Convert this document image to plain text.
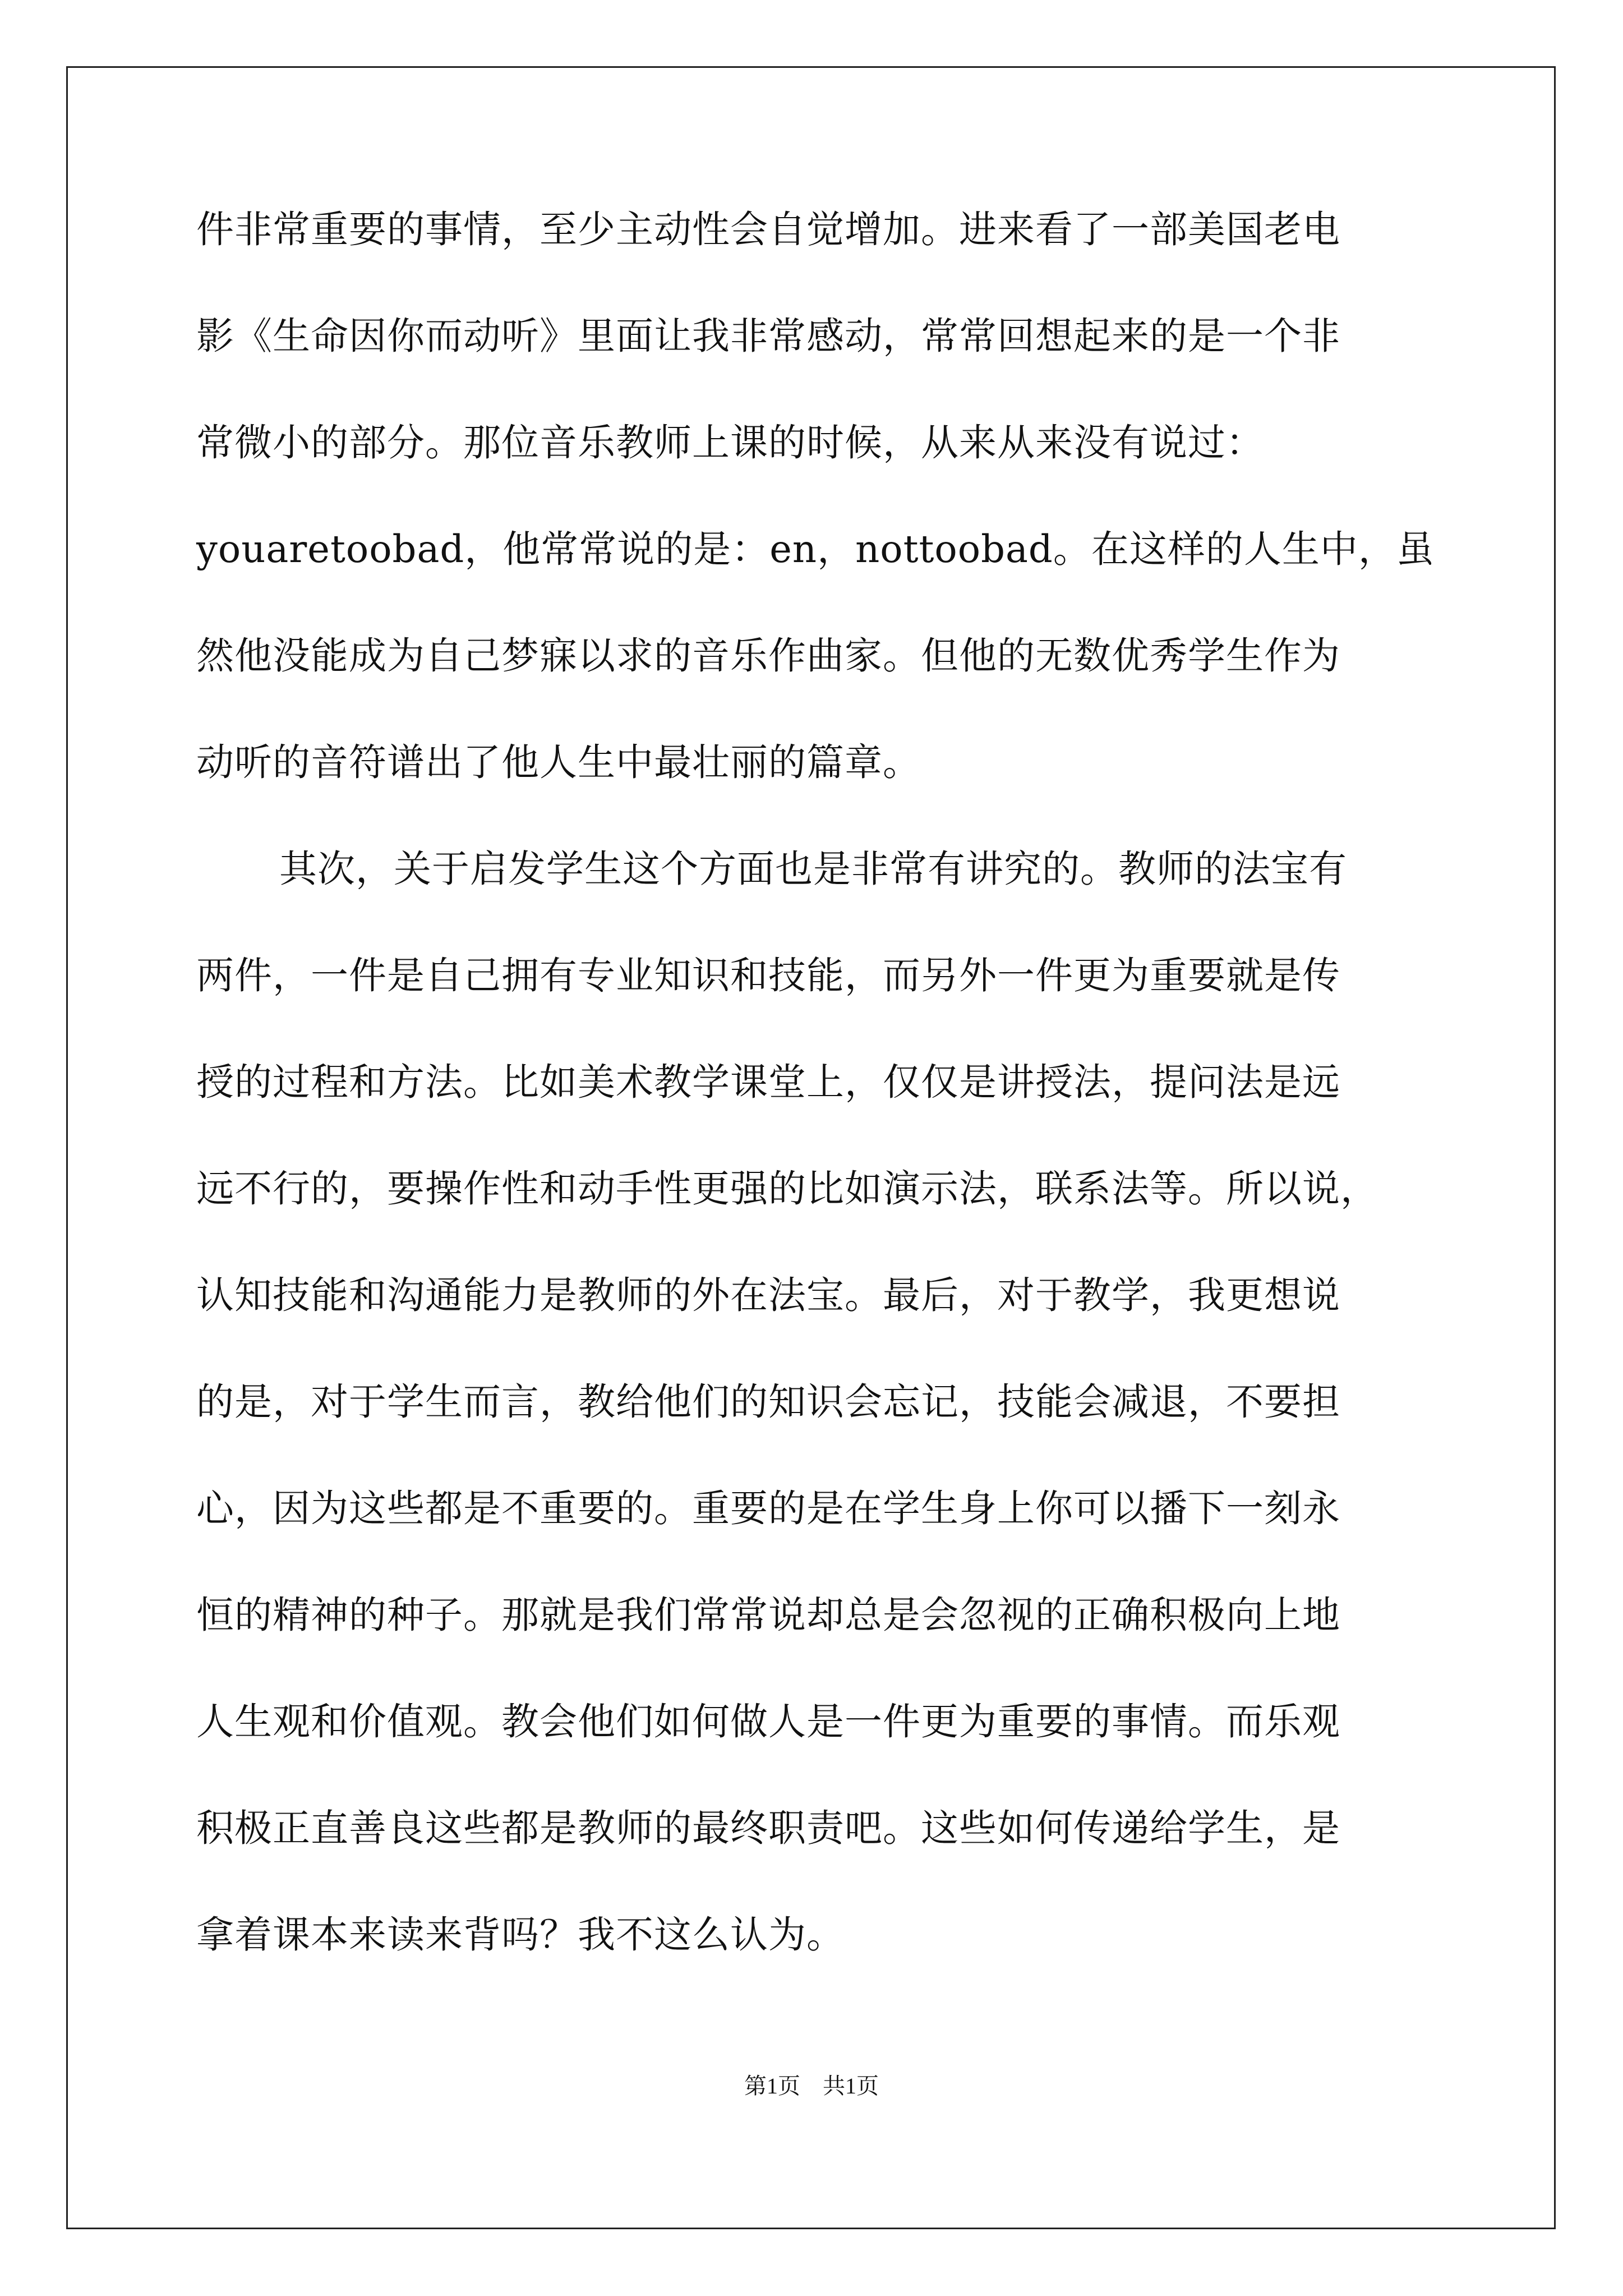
件非常重要的事情，至少主动性会自觉增加。进来看了一部美国老电

影《生命因你而动听》里面让我非常感动，常常回想起来的是一个非

常微小的部分。那位音乐教师上课的时候，从来从来没有说过：

youaretoobad，他常常说的是：en，nottoobad。在这样的人生中，虽

然他没能成为自己梦寐以求的音乐作曲家。但他的无数优秀学生作为

动听的音符谱出了他人生中最壮丽的篇章。

其次，关于启发学生这个方面也是非常有讲究的。教师的法宝有

两件，一件是自己拥有专业知识和技能，而另外一件更为重要就是传

授的过程和方法。比如美术教学课堂上，仅仅是讲授法，提问法是远

远不行的，要操作性和动手性更强的比如演示法，联系法等。所以说，

认知技能和沟通能力是教师的外在法宝。最后，对于教学，我更想说

的是，对于学生而言，教给他们的知识会忘记，技能会减退，不要担

心，因为这些都是不重要的。重要的是在学生身上你可以播下一刻永

恒的精神的种子。那就是我们常常说却总是会忽视的正确积极向上地

人生观和价值观。教会他们如何做人是一件更为重要的事情。而乐观

积极正直善良这些都是教师的最终职责吧。这些如何传递给学生，是

拿着课本来读来背吗？我不这么认为。

第1页 共1页
